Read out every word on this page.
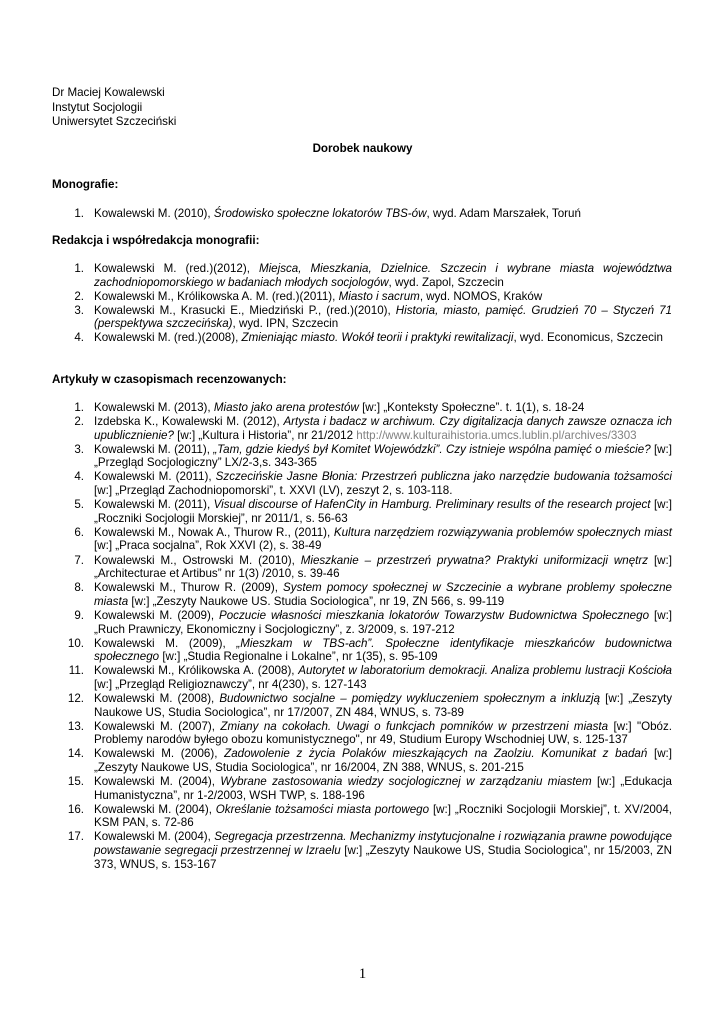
Dr Maciej Kowalewski
Instytut Socjologii
Uniwersytet Szczeciński
Dorobek naukowy
Monografie:
1. Kowalewski M. (2010), Środowisko społeczne lokatorów TBS-ów, wyd. Adam Marszałek, Toruń
Redakcja i współredakcja monografii:
1. Kowalewski M. (red.)(2012), Miejsca, Mieszkania, Dzielnice. Szczecin i wybrane miasta województwa zachodniopomorskiego w badaniach młodych socjologów, wyd. Zapol, Szczecin
2. Kowalewski M., Królikowska A. M. (red.)(2011), Miasto i sacrum, wyd. NOMOS, Kraków
3. Kowalewski M., Krasucki E., Miedziński P., (red.)(2010), Historia, miasto, pamięć. Grudzień 70 – Styczeń 71 (perspektywa szczecińska), wyd. IPN, Szczecin
4. Kowalewski M. (red.)(2008), Zmieniając miasto. Wokół teorii i praktyki rewitalizacji, wyd. Economicus, Szczecin
Artykuły w czasopismach recenzowanych:
1. Kowalewski M. (2013), Miasto jako arena protestów [w:] „Konteksty Społeczne”. t. 1(1), s. 18-24
2. Izdebska K., Kowalewski M. (2012), Artysta i badacz w archiwum. Czy digitalizacja danych zawsze oznacza ich upublicznienie? [w:] „Kultura i Historia”, nr 21/2012 http://www.kulturaihistoria.umcs.lublin.pl/archives/3303
3. Kowalewski M. (2011), „Tam, gdzie kiedyś był Komitet Wojewódzki”. Czy istnieje wspólna pamięć o mieście? [w:] „Przegląd Socjologiczny” LX/2-3,s. 343-365
4. Kowalewski M. (2011), Szczecińskie Jasne Błonia: Przestrzeń publiczna jako narzędzie budowania tożsamości [w:] „Przegląd Zachodniopomorski”, t. XXVI (LV), zeszyt 2, s. 103-118.
5. Kowalewski M. (2011), Visual discourse of HafenCity in Hamburg. Preliminary results of the research project [w:] „Roczniki Socjologii Morskiej”, nr 2011/1, s. 56-63
6. Kowalewski M., Nowak A., Thurow R., (2011), Kultura narzędziem rozwiązywania problemów społecznych miast [w:] „Praca socjalna”, Rok XXVI (2), s. 38-49
7. Kowalewski M., Ostrowski M. (2010), Mieszkanie – przestrzeń prywatna? Praktyki uniformizacji wnętrz [w:] „Architecturae et Artibus” nr 1(3) /2010, s. 39-46
8. Kowalewski M., Thurow R. (2009), System pomocy społecznej w Szczecinie a wybrane problemy społeczne miasta [w:] „Zeszyty Naukowe US. Studia Sociologica”, nr 19, ZN 566, s. 99-119
9. Kowalewski M. (2009), Poczucie własności mieszkania lokatorów Towarzystw Budownictwa Społecznego [w:] „Ruch Prawniczy, Ekonomiczny i Socjologiczny”, z. 3/2009, s. 197-212
10. Kowalewski M. (2009), „Mieszkam w TBS-ach”. Społeczne identyfikacje mieszkańców budownictwa społecznego [w:] „Studia Regionalne i Lokalne”, nr 1(35), s. 95-109
11. Kowalewski M., Królikowska A. (2008), Autorytet w laboratorium demokracji. Analiza problemu lustracji Kościoła [w:] „Przegląd Religioznawczy”, nr 4(230), s. 127-143
12. Kowalewski M. (2008), Budownictwo socjalne – pomiędzy wykluczeniem społecznym a inkluzją [w:] „Zeszyty Naukowe US, Studia Sociologica”, nr 17/2007, ZN 484, WNUS, s. 73-89
13. Kowalewski M. (2007), Zmiany na cokołach. Uwagi o funkcjach pomników w przestrzeni miasta [w:] "Obóz. Problemy narodów byłego obozu komunistycznego", nr 49, Studium Europy Wschodniej UW, s. 125-137
14. Kowalewski M. (2006), Zadowolenie z życia Polaków mieszkających na Zaolziu. Komunikat z badań [w:] „Zeszyty Naukowe US, Studia Sociologica”, nr 16/2004, ZN 388, WNUS, s. 201-215
15. Kowalewski M. (2004), Wybrane zastosowania wiedzy socjologicznej w zarządzaniu miastem [w:] „Edukacja Humanistyczna”, nr 1-2/2003, WSH TWP, s. 188-196
16. Kowalewski M. (2004), Określanie tożsamości miasta portowego [w:] „Roczniki Socjologii Morskiej”, t. XV/2004, KSM PAN, s. 72-86
17. Kowalewski M. (2004), Segregacja przestrzenna. Mechanizmy instytucjonalne i rozwiązania prawne powodujące powstawanie segregacji przestrzennej w Izraelu [w:] „Zeszyty Naukowe US, Studia Sociologica”, nr 15/2003, ZN 373, WNUS, s. 153-167
1
